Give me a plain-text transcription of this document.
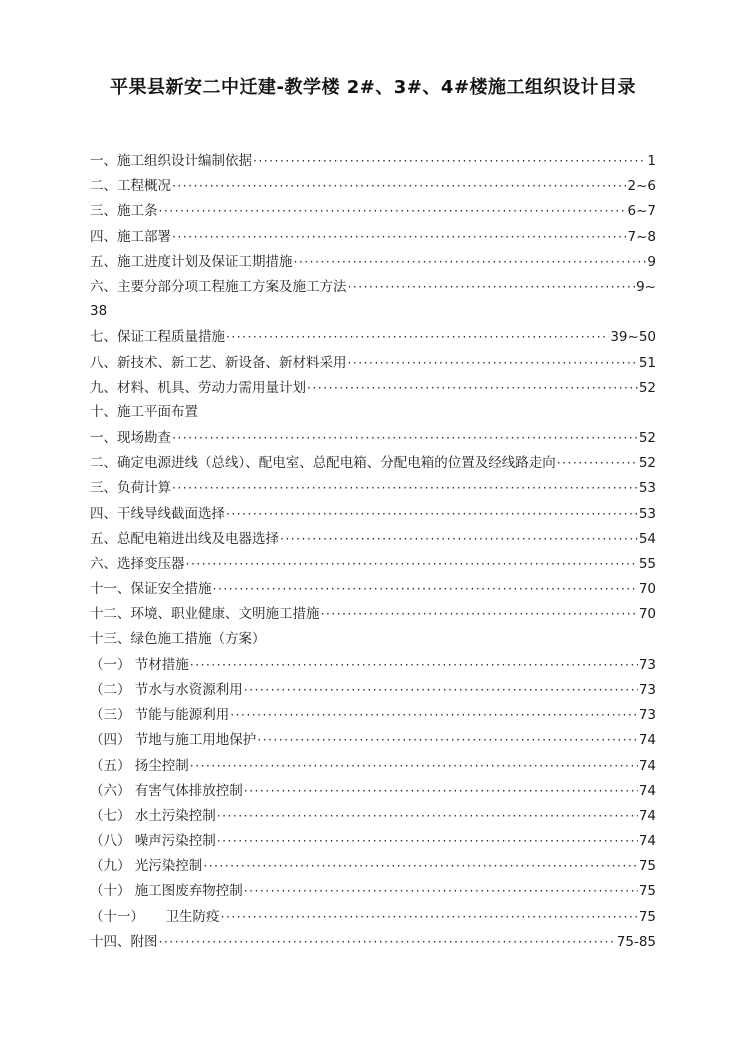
平果县新安二中迁建-教学楼 2#、3#、4#楼施工组织设计目录
一、施工组织设计编制依据 ·····	1
二、工程概况 ·····	2~6
三、施工条 ·····	6~7
四、施工部署 ·····	7~8
五、施工进度计划及保证工期措施 ·····	9
六、主要分部分项工程施工方案及施工方法 ·····	9~
38
七、保证工程质量措施 ·····	39~50
八、新技术、新工艺、新设备、新材料采用 ·····	51
九、材料、机具、劳动力需用量计划 ·····	52
十、施工平面布置
一、现场勘查 ·····	52
二、确定电源进线（总线）、配电室、总配电箱、分配电箱的位置及经线路走向 ·····	52
三、负荷计算 ·····	53
四、干线导线截面选择 ·····	53
五、总配电箱进出线及电器选择 ·····	54
六、选择变压器 ·····	55
十一、保证安全措施 ·····	70
十二、环境、职业健康、文明施工措施 ·····	70
十三、绿色施工措施（方案）
（一） 节材措施 ·····	73
（二） 节水与水资源利用 ·····	73
（三） 节能与能源利用 ·····	73
（四） 节地与施工用地保护 ·····	74
（五） 扬尘控制 ·····	74
（六） 有害气体排放控制 ·····	74
（七） 水土污染控制 ·····	74
（八） 噪声污染控制 ·····	74
（九） 光污染控制 ·····	75
（十） 施工图废弃物控制 ·····	75
（十一）     卫生防疫 ·····	75
十四、附图 ·····	75-85
